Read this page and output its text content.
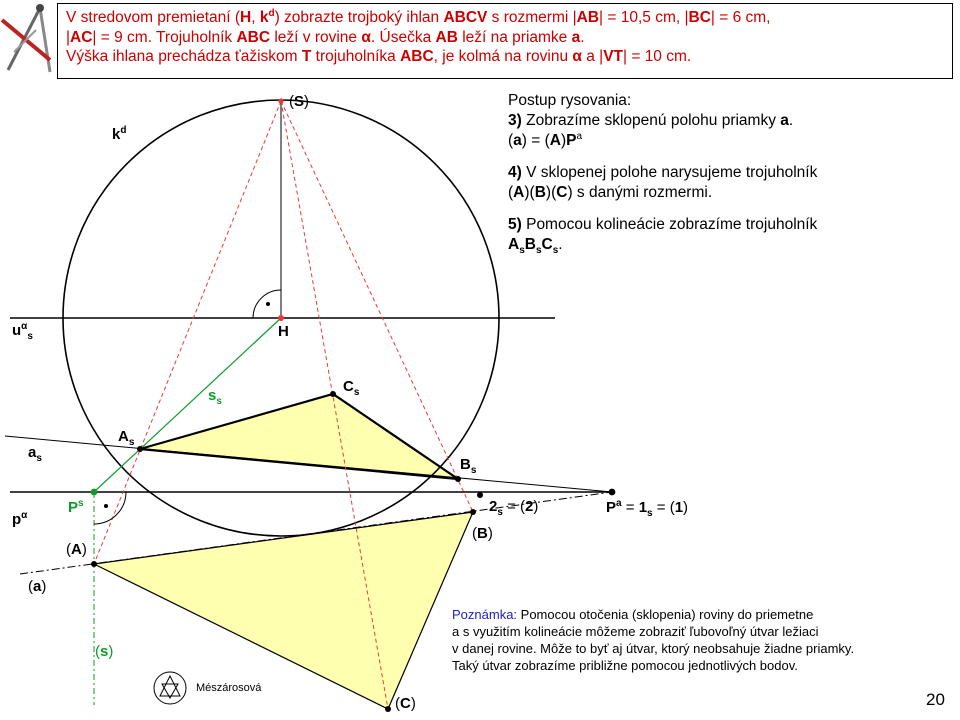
V stredovom premietaní (H, $k^d$) zobrazte trojboký ihlan ABCV s rozmermi |AB| = 10,5 cm, |BC| = 6 cm,
|AC| = 9 cm. Trojuholník ABC leží v rovine α. Úsečka AB leží na priamke a.
Výška ihlana prechádza ťažiskom T trojuholníka ABC, je kolmá na rovinu α a |VT| = 10 cm.

Postup rysovania:

3) Zobrazíme sklopenú polohu priamky a.

$(a) = (A)P^a$

4) V sklopenej polohe narysujeme trojuholník

(A)(B)(C) s danými rozmermi.

5) Pomocou kolineácie zobrazíme trojuholník

$A_sB_sC_s$.

Poznámka: Pomocou otočenia (sklopenia) roviny do priemetne
a s využitím kolineácie môžeme zobraziť ľubovoľný útvar ležiaci
v danej rovine. Môže to byť aj útvar, ktorý neobsahuje žiadne priamky.
Taký útvar zobrazíme približne pomocou jednotlivých bodov.
(S)
$k^d$
$u^\alpha_s$	H
$C_s$
$s_s$
$A_s$
$a_s$	$B_s$
$P^s$
$p^\alpha$
$2_s = (2)$	$P^a = 1_s = (1)$
(B)
(A)
(a)
(s)
(C)
Mészárosová
20
